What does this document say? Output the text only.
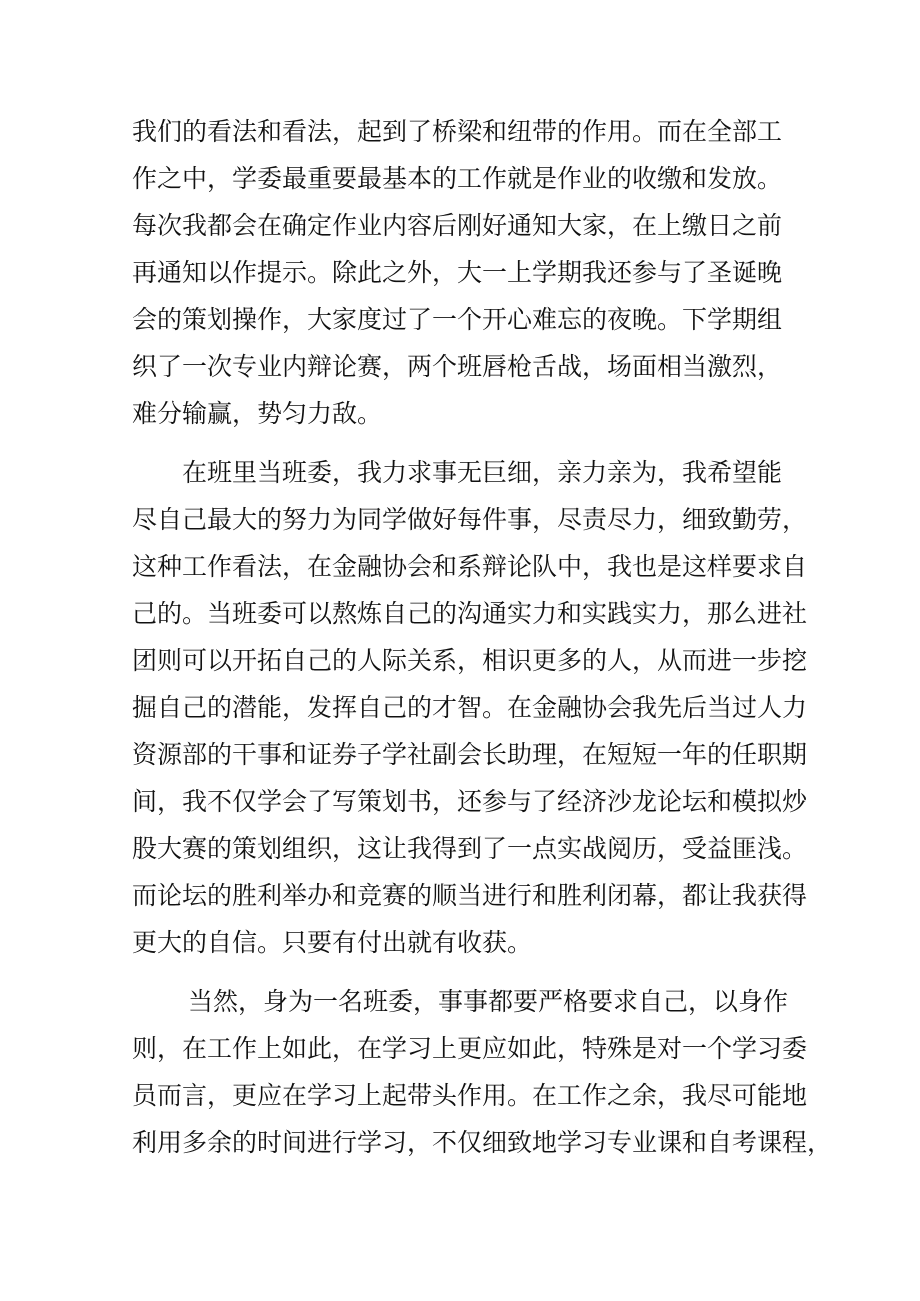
我们的看法和看法，起到了桥梁和纽带的作用。而在全部工
作之中，学委最重要最基本的工作就是作业的收缴和发放。
每次我都会在确定作业内容后刚好通知大家，在上缴日之前
再通知以作提示。除此之外，大一上学期我还参与了圣诞晚
会的策划操作，大家度过了一个开心难忘的夜晚。下学期组
织了一次专业内辩论赛，两个班唇枪舌战，场面相当激烈，
难分输赢，势匀力敌。
在班里当班委，我力求事无巨细，亲力亲为，我希望能
尽自己最大的努力为同学做好每件事，尽责尽力，细致勤劳，
这种工作看法，在金融协会和系辩论队中，我也是这样要求自
己的。当班委可以熬炼自己的沟通实力和实践实力，那么进社
团则可以开拓自己的人际关系，相识更多的人，从而进一步挖
掘自己的潜能，发挥自己的才智。在金融协会我先后当过人力
资源部的干事和证券子学社副会长助理，在短短一年的任职期
间，我不仅学会了写策划书，还参与了经济沙龙论坛和模拟炒
股大赛的策划组织，这让我得到了一点实战阅历，受益匪浅。
而论坛的胜利举办和竞赛的顺当进行和胜利闭幕，都让我获得
更大的自信。只要有付出就有收获。
当然，身为一名班委，事事都要严格要求自己，以身作
则，在工作上如此，在学习上更应如此，特殊是对一个学习委
员而言，更应在学习上起带头作用。在工作之余，我尽可能地
利用多余的时间进行学习，不仅细致地学习专业课和自考课程，
